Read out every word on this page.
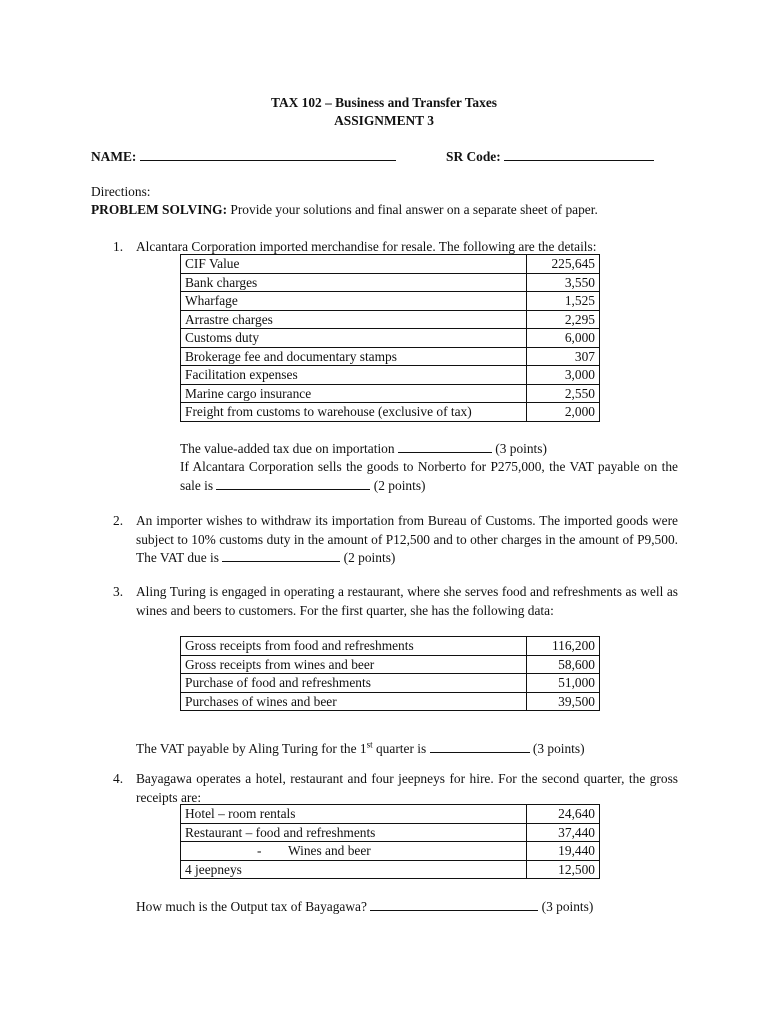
TAX 102 – Business and Transfer Taxes
ASSIGNMENT 3
NAME:	SR Code:
Directions:
PROBLEM SOLVING: Provide your solutions and final answer on a separate sheet of paper.
1. Alcantara Corporation imported merchandise for resale. The following are the details:
CIF Value	225,645
Bank charges	3,550
Wharfage	1,525
Arrastre charges	2,295
Customs duty	6,000
Brokerage fee and documentary stamps	307
Facilitation expenses	3,000
Marine cargo insurance	2,550
Freight from customs to warehouse (exclusive of tax)	2,000
The value-added tax due on importation	(3 points)
If Alcantara Corporation sells the goods to Norberto for P275,000, the VAT payable on the sale is	(2 points)
2. An importer wishes to withdraw its importation from Bureau of Customs. The imported goods were subject to 10% customs duty in the amount of P12,500 and to other charges in the amount of P9,500. The VAT due is	(2 points)
3. Aling Turing is engaged in operating a restaurant, where she serves food and refreshments as well as wines and beers to customers. For the first quarter, she has the following data:
Gross receipts from food and refreshments	116,200
Gross receipts from wines and beer	58,600
Purchase of food and refreshments	51,000
Purchases of wines and beer	39,500
The VAT payable by Aling Turing for the 1st quarter is	(3 points)
4. Bayagawa operates a hotel, restaurant and four jeepneys for hire. For the second quarter, the gross receipts are:
Hotel – room rentals	24,640
Restaurant – food and refreshments	37,440
-        Wines and beer	19,440
4 jeepneys	12,500
How much is the Output tax of Bayagawa?	(3 points)
